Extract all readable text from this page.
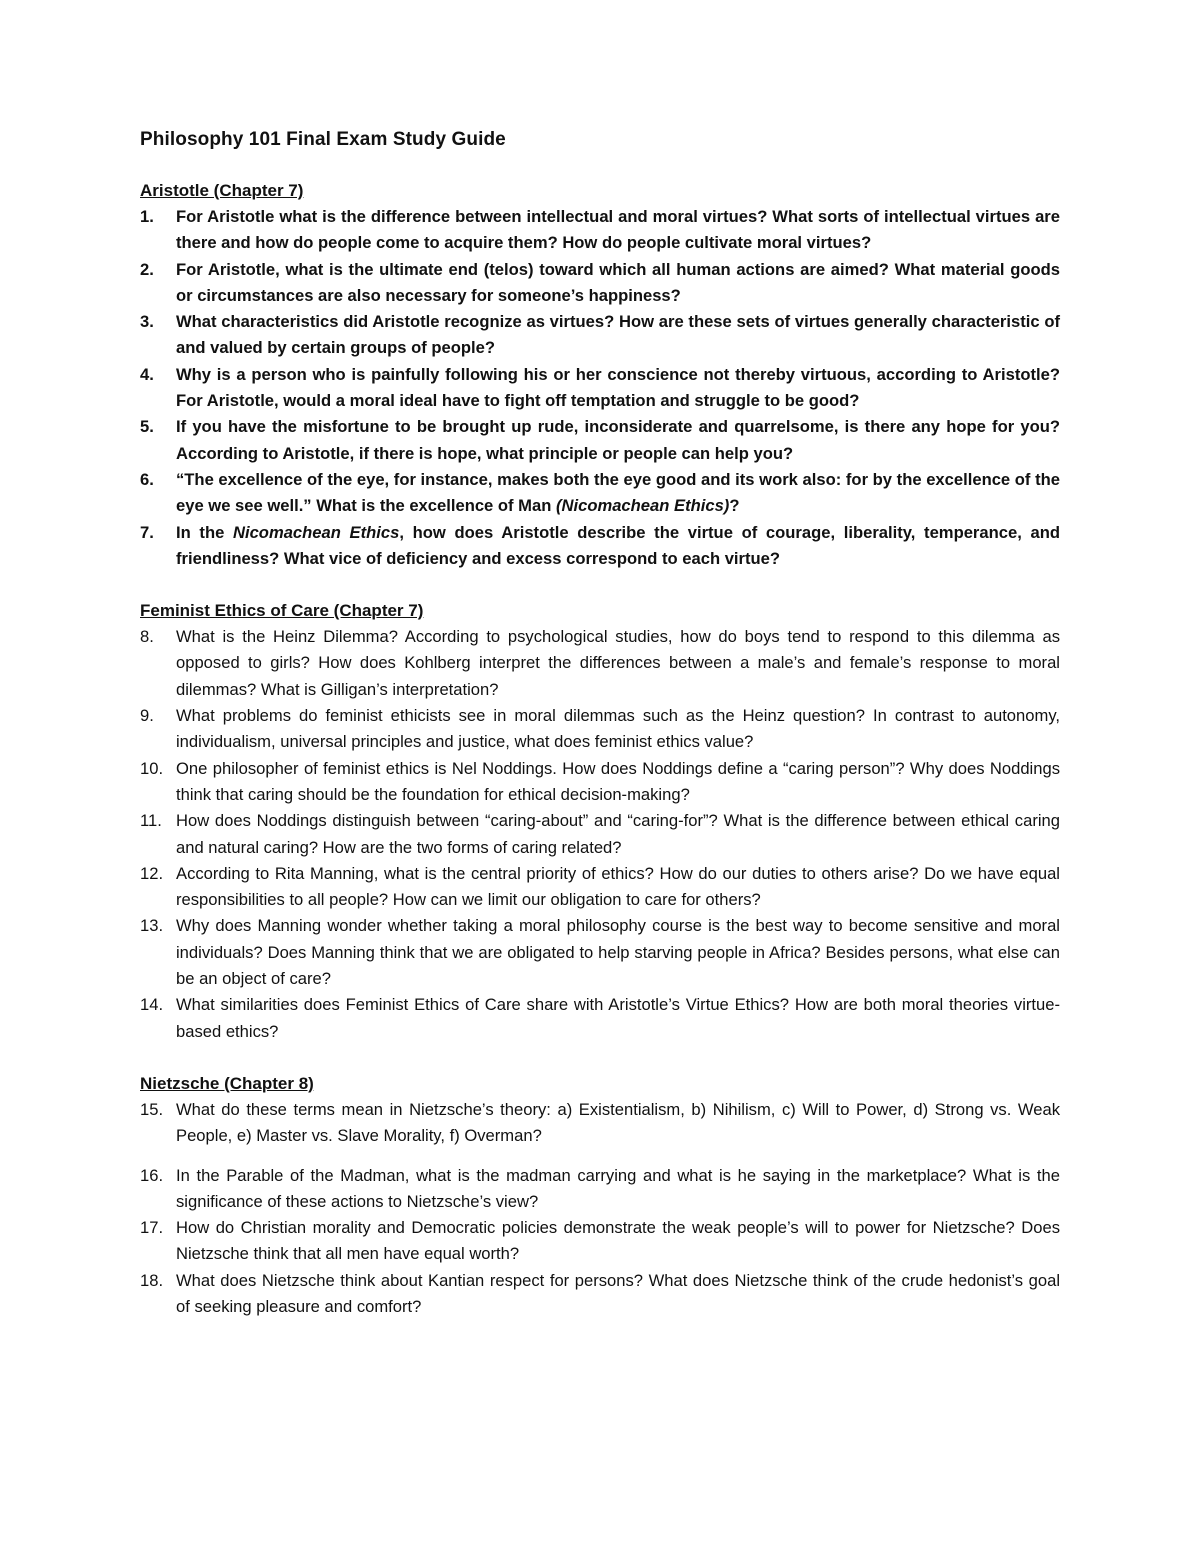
Philosophy 101 Final Exam Study Guide
Aristotle (Chapter 7)
1.	For Aristotle what is the difference between intellectual and moral virtues? What sorts of intellectual virtues are there and how do people come to acquire them? How do people cultivate moral virtues?
2.	For Aristotle, what is the ultimate end (telos) toward which all human actions are aimed? What material goods or circumstances are also necessary for someone’s happiness?
3.	What characteristics did Aristotle recognize as virtues? How are these sets of virtues generally characteristic of and valued by certain groups of people?
4.	Why is a person who is painfully following his or her conscience not thereby virtuous, according to Aristotle? For Aristotle, would a moral ideal have to fight off temptation and struggle to be good?
5.	If you have the misfortune to be brought up rude, inconsiderate and quarrelsome, is there any hope for you? According to Aristotle, if there is hope, what principle or people can help you?
6.	“The excellence of the eye, for instance, makes both the eye good and its work also: for by the excellence of the eye we see well.” What is the excellence of Man (Nicomachean Ethics)?
7.	In the Nicomachean Ethics, how does Aristotle describe the virtue of courage, liberality, temperance, and friendliness? What vice of deficiency and excess correspond to each virtue?
Feminist Ethics of Care (Chapter 7)
8.	What is the Heinz Dilemma? According to psychological studies, how do boys tend to respond to this dilemma as opposed to girls? How does Kohlberg interpret the differences between a male’s and female’s response to moral dilemmas? What is Gilligan’s interpretation?
9.	What problems do feminist ethicists see in moral dilemmas such as the Heinz question? In contrast to autonomy, individualism, universal principles and justice, what does feminist ethics value?
10. One philosopher of feminist ethics is Nel Noddings. How does Noddings define a “caring person”? Why does Noddings think that caring should be the foundation for ethical decision-making?
11. How does Noddings distinguish between “caring-about” and “caring-for”? What is the difference between ethical caring and natural caring? How are the two forms of caring related?
12. According to Rita Manning, what is the central priority of ethics? How do our duties to others arise? Do we have equal responsibilities to all people? How can we limit our obligation to care for others?
13. Why does Manning wonder whether taking a moral philosophy course is the best way to become sensitive and moral individuals? Does Manning think that we are obligated to help starving people in Africa? Besides persons, what else can be an object of care?
14. What similarities does Feminist Ethics of Care share with Aristotle’s Virtue Ethics? How are both moral theories virtue-based ethics?
Nietzsche (Chapter 8)
15. What do these terms mean in Nietzsche’s theory: a) Existentialism, b) Nihilism, c) Will to Power, d) Strong vs. Weak People, e) Master vs. Slave Morality, f) Overman?
16. In the Parable of the Madman, what is the madman carrying and what is he saying in the marketplace? What is the significance of these actions to Nietzsche’s view?
17. How do Christian morality and Democratic policies demonstrate the weak people’s will to power for Nietzsche? Does Nietzsche think that all men have equal worth?
18. What does Nietzsche think about Kantian respect for persons? What does Nietzsche think of the crude hedonist’s goal of seeking pleasure and comfort?
